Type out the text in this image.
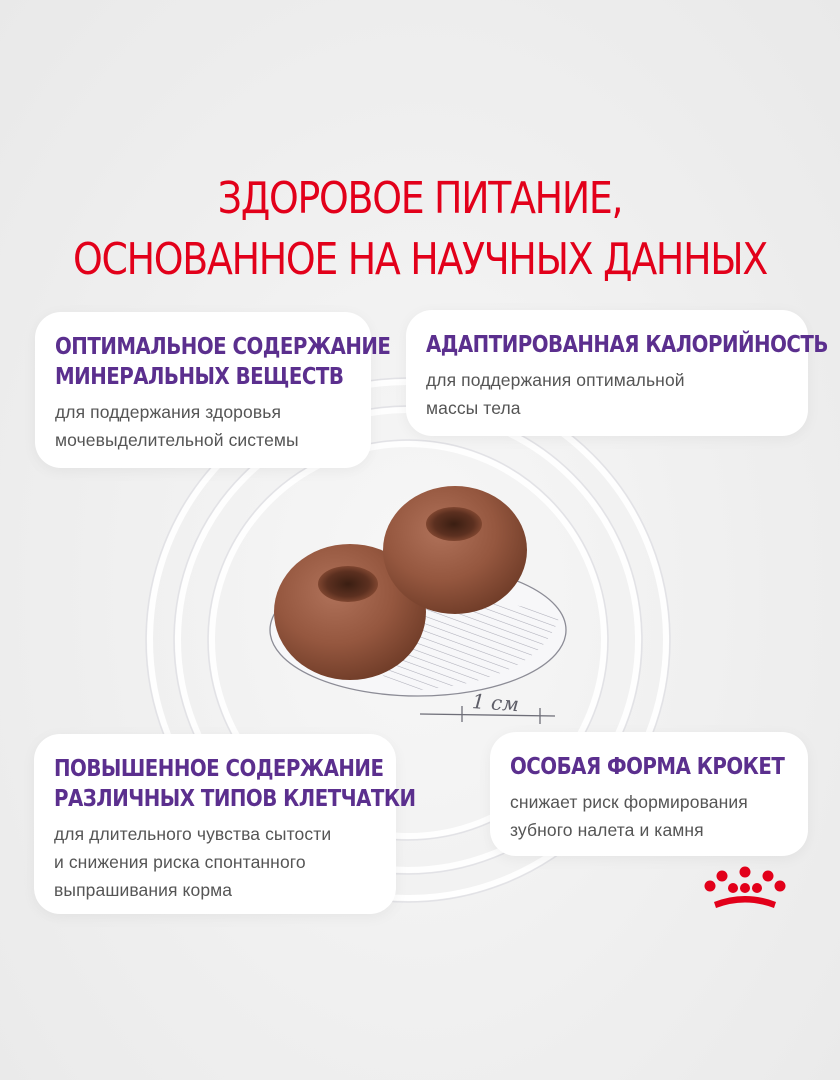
1 см
ЗДОРОВОЕ ПИТАНИЕ,
ОСНОВАННОЕ НА НАУЧНЫХ ДАННЫХ
ОПТИМАЛЬНОЕ СОДЕРЖАНИЕ
МИНЕРАЛЬНЫХ ВЕЩЕСТВ
для поддержания здоровья
мочевыделительной системы
АДАПТИРОВАННАЯ КАЛОРИЙНОСТЬ
для поддержания оптимальной
массы тела
ПОВЫШЕННОЕ СОДЕРЖАНИЕ
РАЗЛИЧНЫХ ТИПОВ КЛЕТЧАТКИ
для длительного чувства сытости
и снижения риска спонтанного
выпрашивания корма
ОСОБАЯ ФОРМА КРОКЕТ
снижает риск формирования
зубного налета и камня
